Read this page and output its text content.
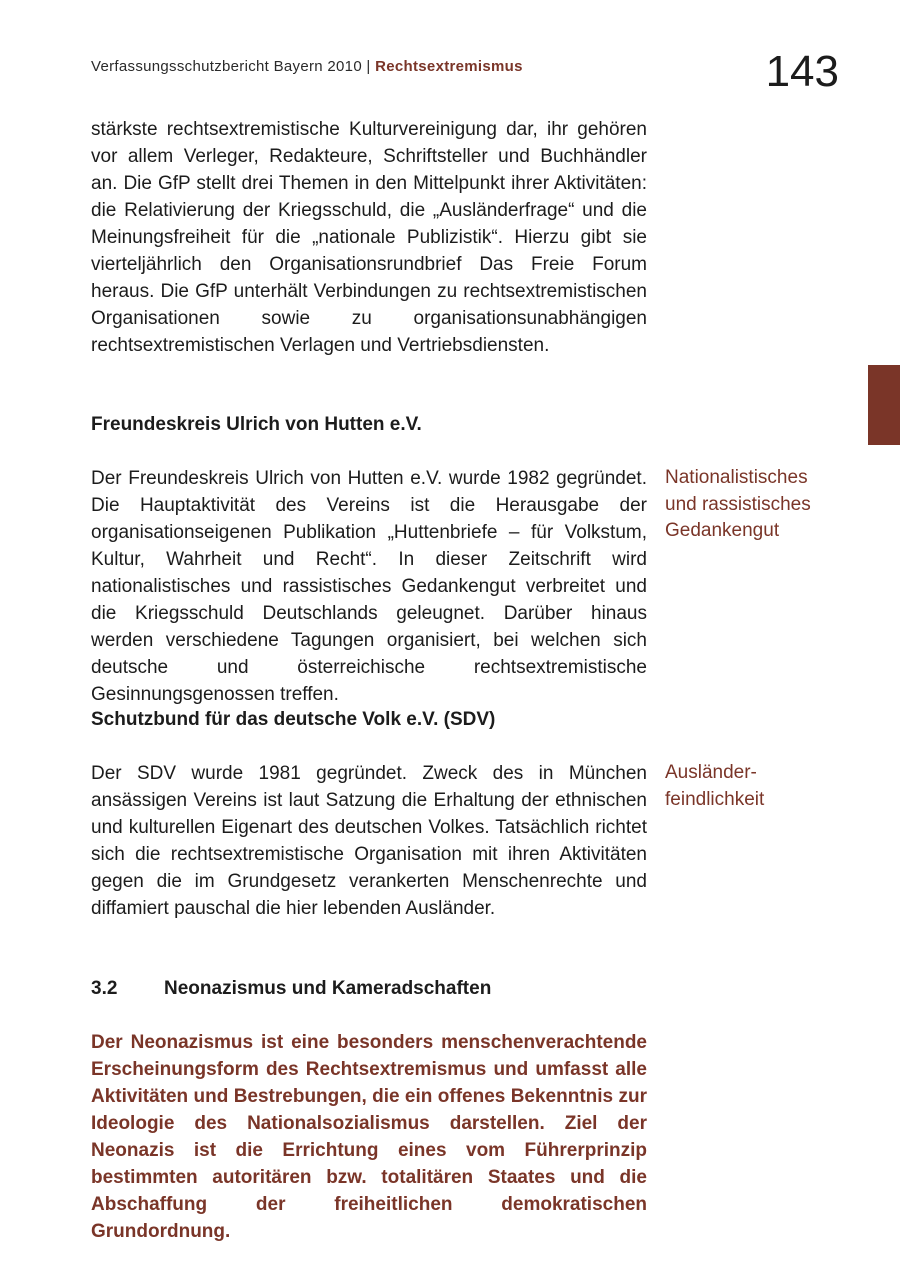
Verfassungsschutzbericht Bayern 2010 | Rechtsextremismus	143

stärkste rechtsextremistische Kulturvereinigung dar, ihr gehören vor allem Verleger, Redakteure, Schriftsteller und Buchhändler an. Die GfP stellt drei Themen in den Mittelpunkt ihrer Aktivitäten: die Relativierung der Kriegsschuld, die „Ausländerfrage“ und die Meinungsfreiheit für die „nationale Publizistik“. Hierzu gibt sie vierteljährlich den Organisationsrundbrief Das Freie Forum heraus. Die GfP unterhält Verbindungen zu rechtsextremistischen Organisationen sowie zu organisationsunabhängigen rechtsextremistischen Verlagen und Vertriebsdiensten.

Freundeskreis Ulrich von Hutten e.V.

Der Freundeskreis Ulrich von Hutten e.V. wurde 1982 gegründet. Die Hauptaktivität des Vereins ist die Herausgabe der organisationseigenen Publikation „Huttenbriefe – für Volkstum, Kultur, Wahrheit und Recht“. In dieser Zeitschrift wird nationalistisches und rassistisches Gedankengut verbreitet und die Kriegsschuld Deutschlands geleugnet. Darüber hinaus werden verschiedene Tagungen organisiert, bei welchen sich deutsche und österreichische rechtsextremistische Gesinnungsgenossen treffen.

Nationalistisches
und rassistisches
Gedankengut
Schutzbund für das deutsche Volk e.V. (SDV)

Der SDV wurde 1981 gegründet. Zweck des in München ansässigen Vereins ist laut Satzung die Erhaltung der ethnischen und kulturellen Eigenart des deutschen Volkes. Tatsächlich richtet sich die rechtsextremistische Organisation mit ihren Aktivitäten gegen die im Grundgesetz verankerten Menschenrechte und diffamiert pauschal die hier lebenden Ausländer.

Ausländer-
feindlichkeit
3.2	Neonazismus und Kameradschaften

Der Neonazismus ist eine besonders menschenverachtende Erscheinungsform des Rechtsextremismus und umfasst alle Aktivitäten und Bestrebungen, die ein offenes Bekenntnis zur Ideologie des Nationalsozialismus darstellen. Ziel der Neonazis ist die Errichtung eines vom Führerprinzip bestimmten autoritären bzw. totalitären Staates und die Abschaffung der freiheitlichen demokratischen Grundordnung.
